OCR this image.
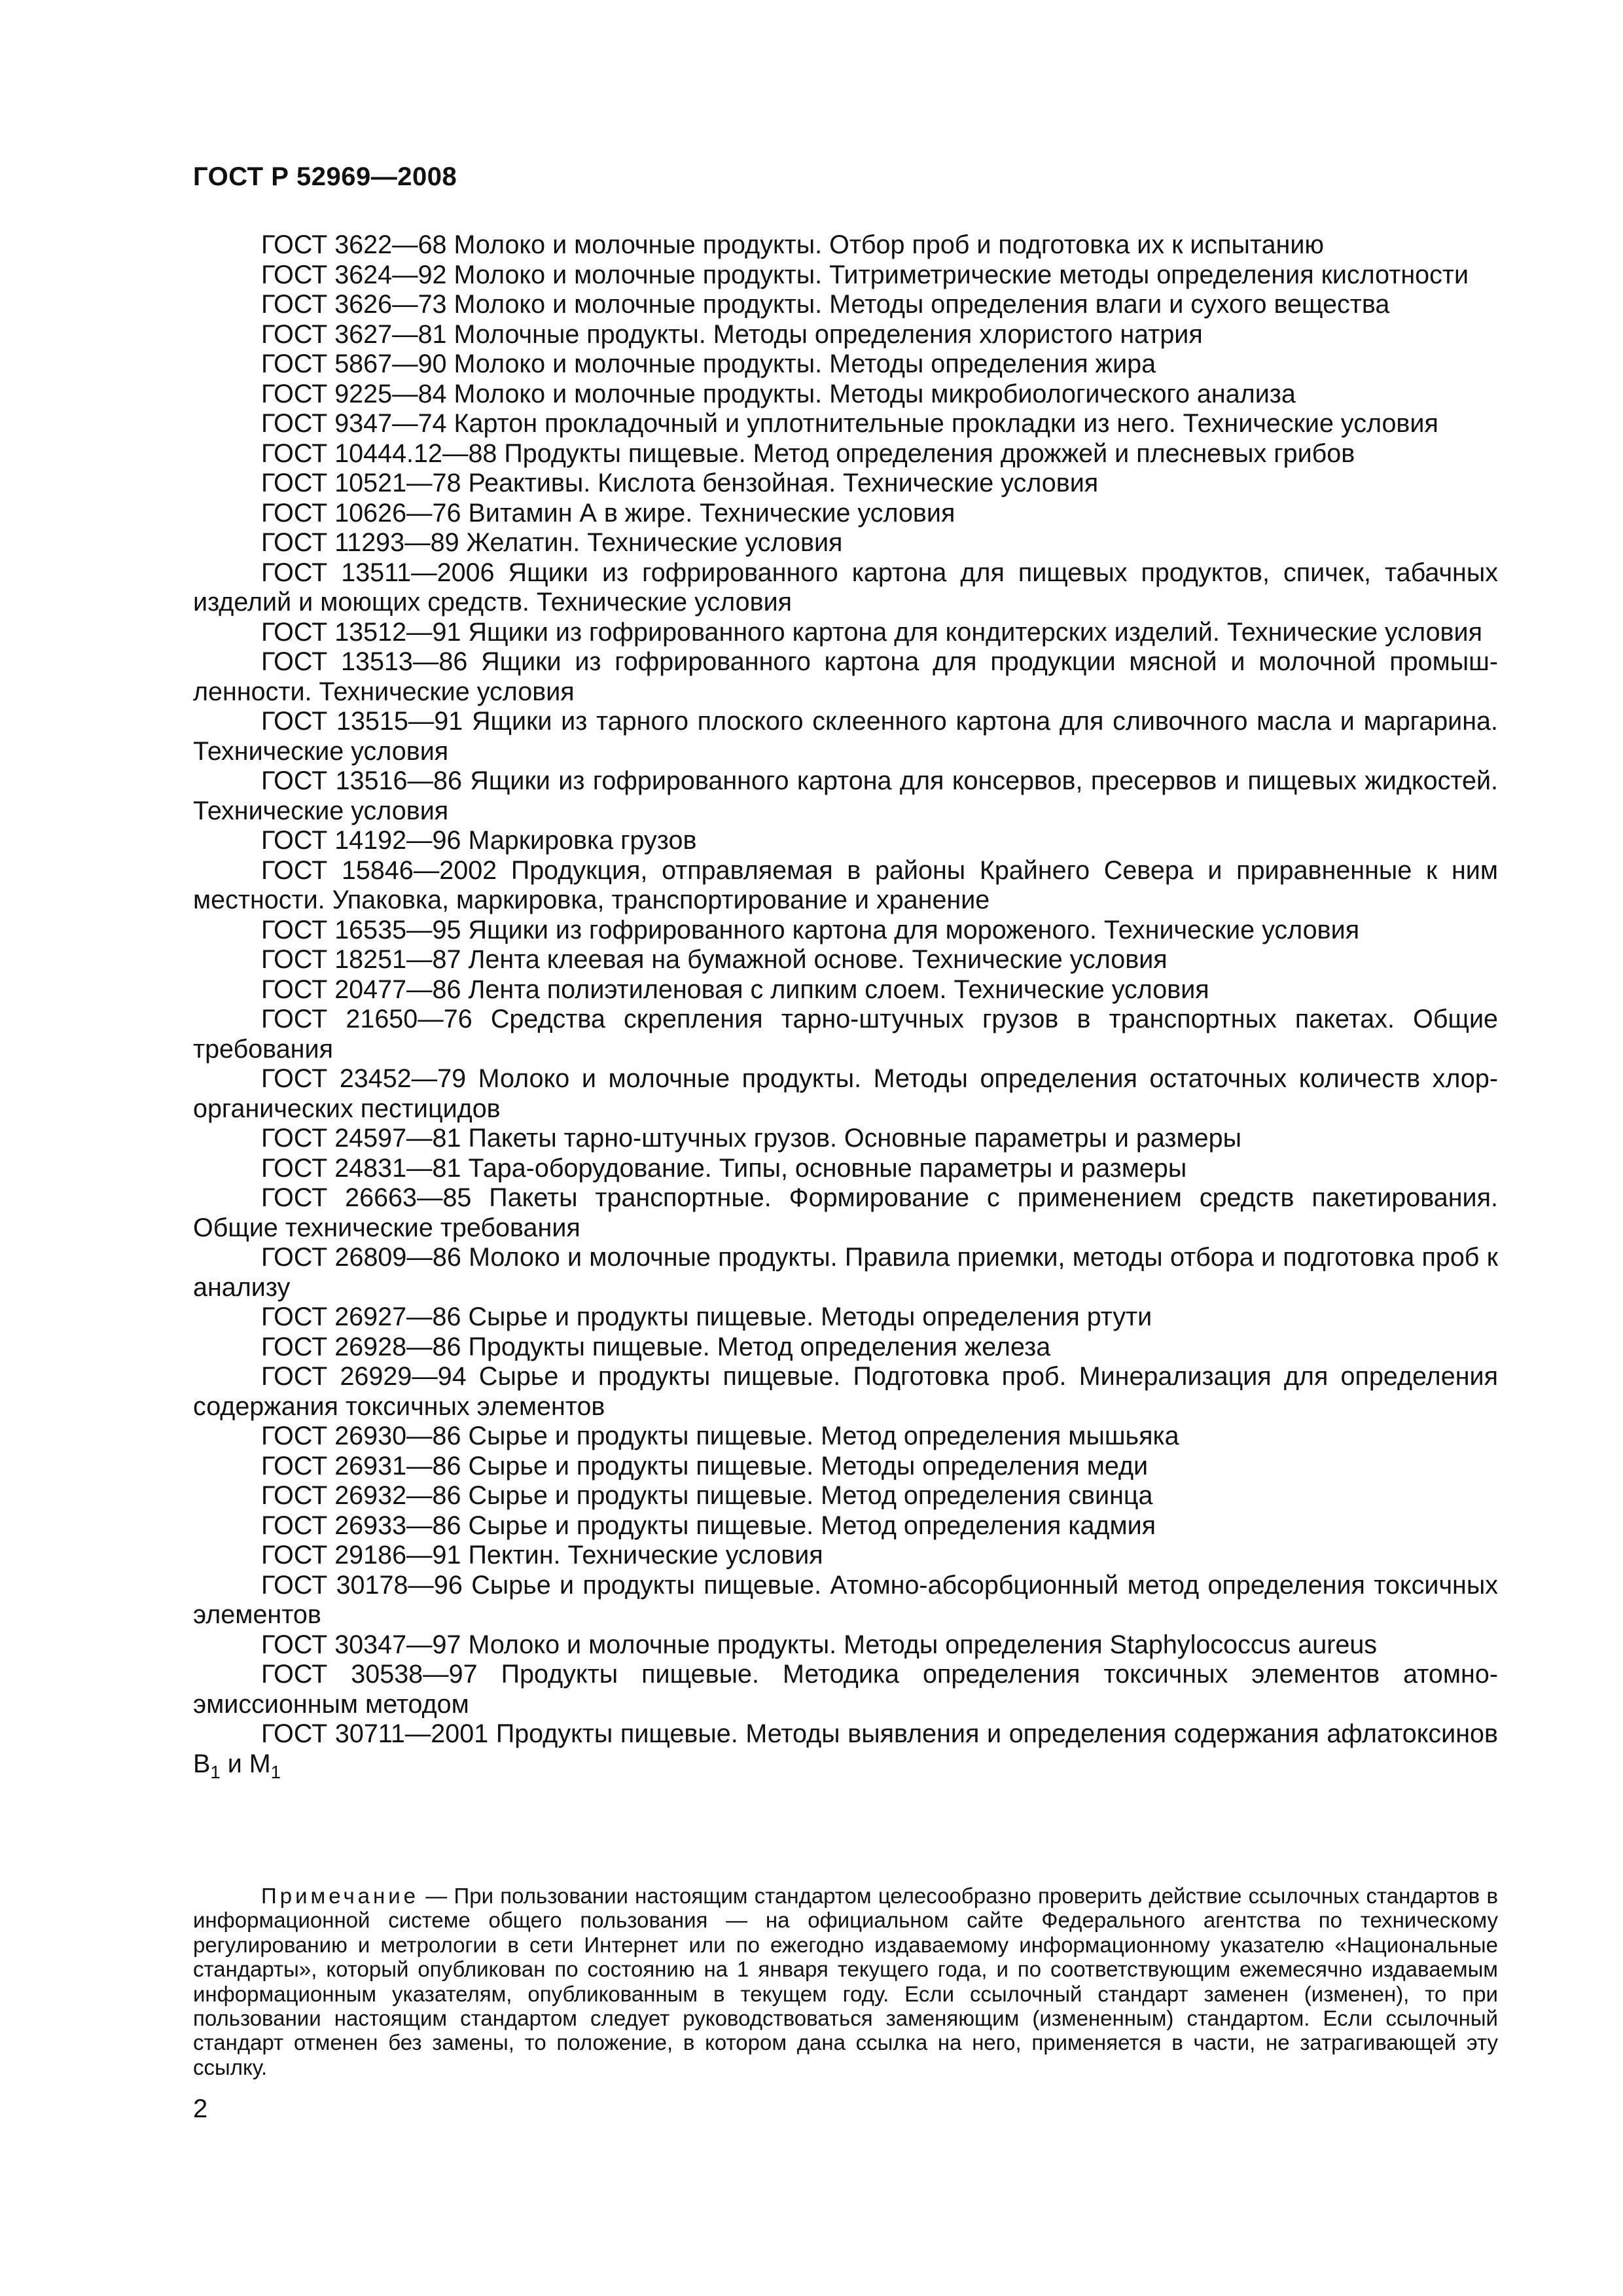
ГОСТ Р 52969—2008

ГОСТ 3622—68 Молоко и молочные продукты. Отбор проб и подготовка их к испытанию

ГОСТ 3624—92 Молоко и молочные продукты. Титриметрические методы определения кислотности

ГОСТ 3626—73 Молоко и молочные продукты. Методы определения влаги и сухого вещества

ГОСТ 3627—81 Молочные продукты. Методы определения хлористого натрия

ГОСТ 5867—90 Молоко и молочные продукты. Методы определения жира

ГОСТ 9225—84 Молоко и молочные продукты. Методы микробиологического анализа

ГОСТ 9347—74 Картон прокладочный и уплотнительные прокладки из него. Технические условия

ГОСТ 10444.12—88 Продукты пищевые. Метод определения дрожжей и плесневых грибов

ГОСТ 10521—78 Реактивы. Кислота бензойная. Технические условия

ГОСТ 10626—76 Витамин А в жире. Технические условия

ГОСТ 11293—89 Желатин. Технические условия

ГОСТ 13511—2006 Ящики из гофрированного картона для пищевых продуктов, спичек, табачных изделий и моющих средств. Технические условия

ГОСТ 13512—91 Ящики из гофрированного картона для кондитерских изделий. Технические условия

ГОСТ 13513—86 Ящики из гофрированного картона для продукции мясной и молочной промышленности. Технические условия

ГОСТ 13515—91 Ящики из тарного плоского склеенного картона для сливочного масла и маргарина. Технические условия

ГОСТ 13516—86 Ящики из гофрированного картона для консервов, пресервов и пищевых жидкостей. Технические условия

ГОСТ 14192—96 Маркировка грузов

ГОСТ 15846—2002 Продукция, отправляемая в районы Крайнего Севера и приравненные к ним местности. Упаковка, маркировка, транспортирование и хранение

ГОСТ 16535—95 Ящики из гофрированного картона для мороженого. Технические условия

ГОСТ 18251—87 Лента клеевая на бумажной основе. Технические условия

ГОСТ 20477—86 Лента полиэтиленовая с липким слоем. Технические условия

ГОСТ 21650—76 Средства скрепления тарно-штучных грузов в транспортных пакетах. Общие требования

ГОСТ 23452—79 Молоко и молочные продукты. Методы определения остаточных количеств хлорорганических пестицидов

ГОСТ 24597—81 Пакеты тарно-штучных грузов. Основные параметры и размеры

ГОСТ 24831—81 Тара-оборудование. Типы, основные параметры и размеры

ГОСТ 26663—85 Пакеты транспортные. Формирование с применением средств пакетирования. Общие технические требования

ГОСТ 26809—86 Молоко и молочные продукты. Правила приемки, методы отбора и подготовка проб к анализу

ГОСТ 26927—86 Сырье и продукты пищевые. Методы определения ртути

ГОСТ 26928—86 Продукты пищевые. Метод определения железа

ГОСТ 26929—94 Сырье и продукты пищевые. Подготовка проб. Минерализация для определения содержания токсичных элементов

ГОСТ 26930—86 Сырье и продукты пищевые. Метод определения мышьяка

ГОСТ 26931—86 Сырье и продукты пищевые. Методы определения меди

ГОСТ 26932—86 Сырье и продукты пищевые. Метод определения свинца

ГОСТ 26933—86 Сырье и продукты пищевые. Метод определения кадмия

ГОСТ 29186—91 Пектин. Технические условия

ГОСТ 30178—96 Сырье и продукты пищевые. Атомно-абсорбционный метод определения токсичных элементов

ГОСТ 30347—97 Молоко и молочные продукты. Методы определения Staphylococcus aureus

ГОСТ 30538—97 Продукты пищевые. Методика определения токсичных элементов атомно-эмиссионным методом

ГОСТ 30711—2001 Продукты пищевые. Методы выявления и определения содержания афлатоксинов $B_1$ и $M_1$

Примечание — При пользовании настоящим стандартом целесообразно проверить действие ссылочных стандартов в информационной системе общего пользования — на официальном сайте Федерального агентства по техническому регулированию и метрологии в сети Интернет или по ежегодно издаваемому информационному указателю «Национальные стандарты», который опубликован по состоянию на 1 января текущего года, и по соответствующим ежемесячно издаваемым информационным указателям, опубликованным в текущем году. Если ссылочный стандарт заменен (изменен), то при пользовании настоящим стандартом следует руководствоваться заменяющим (измененным) стандартом. Если ссылочный стандарт отменен без замены, то положение, в котором дана ссылка на него, применяется в части, не затрагивающей эту ссылку.

2
